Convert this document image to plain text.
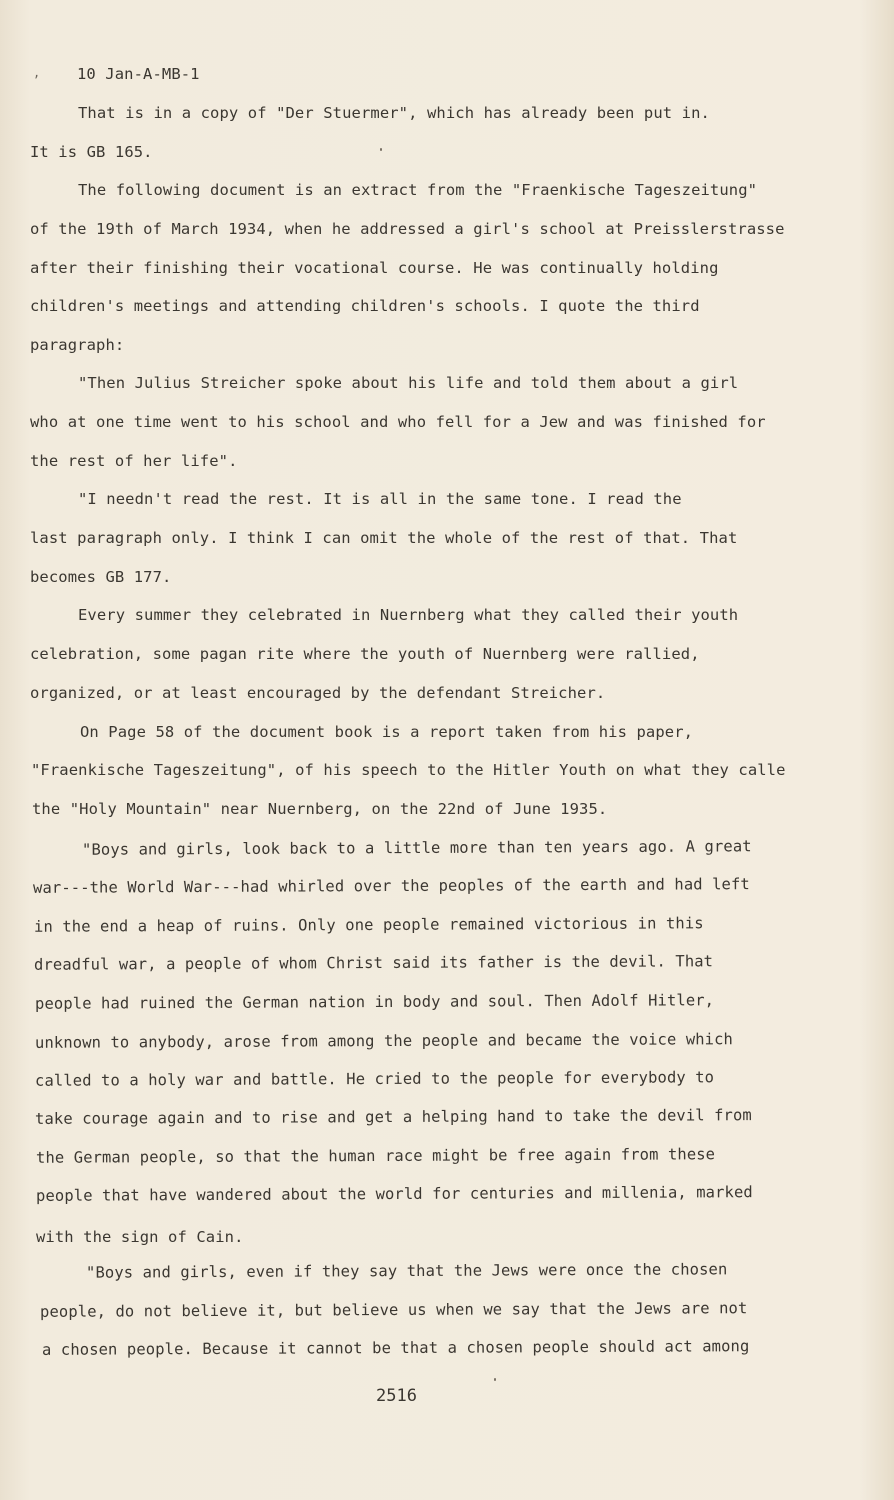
, 10 Jan-A-MB-1
That is in a copy of "Der Stuermer", which has already been put in.
It is GB 165.
The following document is an extract from the "Fraenkische Tageszeitung"
of the 19th of March 1934, when he addressed a girl's school at Preisslerstrasse
after their finishing their vocational course. He was continually holding
children's meetings and attending children's schools. I quote the third
paragraph:
"Then Julius Streicher spoke about his life and told them about a girl
who at one time went to his school and who fell for a Jew and was finished for
the rest of her life".
"I needn't read the rest. It is all in the same tone. I read the
last paragraph only. I think I can omit the whole of the rest of that. That
becomes GB 177.
Every summer they celebrated in Nuernberg what they called their youth
celebration, some pagan rite where the youth of Nuernberg were rallied,
organized, or at least encouraged by the defendant Streicher.
On Page 58 of the document book is a report taken from his paper,
"Fraenkische Tageszeitung", of his speech to the Hitler Youth on what they calle
the "Holy Mountain" near Nuernberg, on the 22nd of June 1935.
"Boys and girls, look back to a little more than ten years ago. A great
war---the World War---had whirled over the peoples of the earth and had left
in the end a heap of ruins. Only one people remained victorious in this
dreadful war, a people of whom Christ said its father is the devil. That
people had ruined the German nation in body and soul. Then Adolf Hitler,
unknown to anybody, arose from among the people and became the voice which
called to a holy war and battle. He cried to the people for everybody to
take courage again and to rise and get a helping hand to take the devil from
the German people, so that the human race might be free again from these
people that have wandered about the world for centuries and millenia, marked
with the sign of Cain.
"Boys and girls, even if they say that the Jews were once the chosen
people, do not believe it, but believe us when we say that the Jews are not
a chosen people. Because it cannot be that a chosen people should act among
2516
